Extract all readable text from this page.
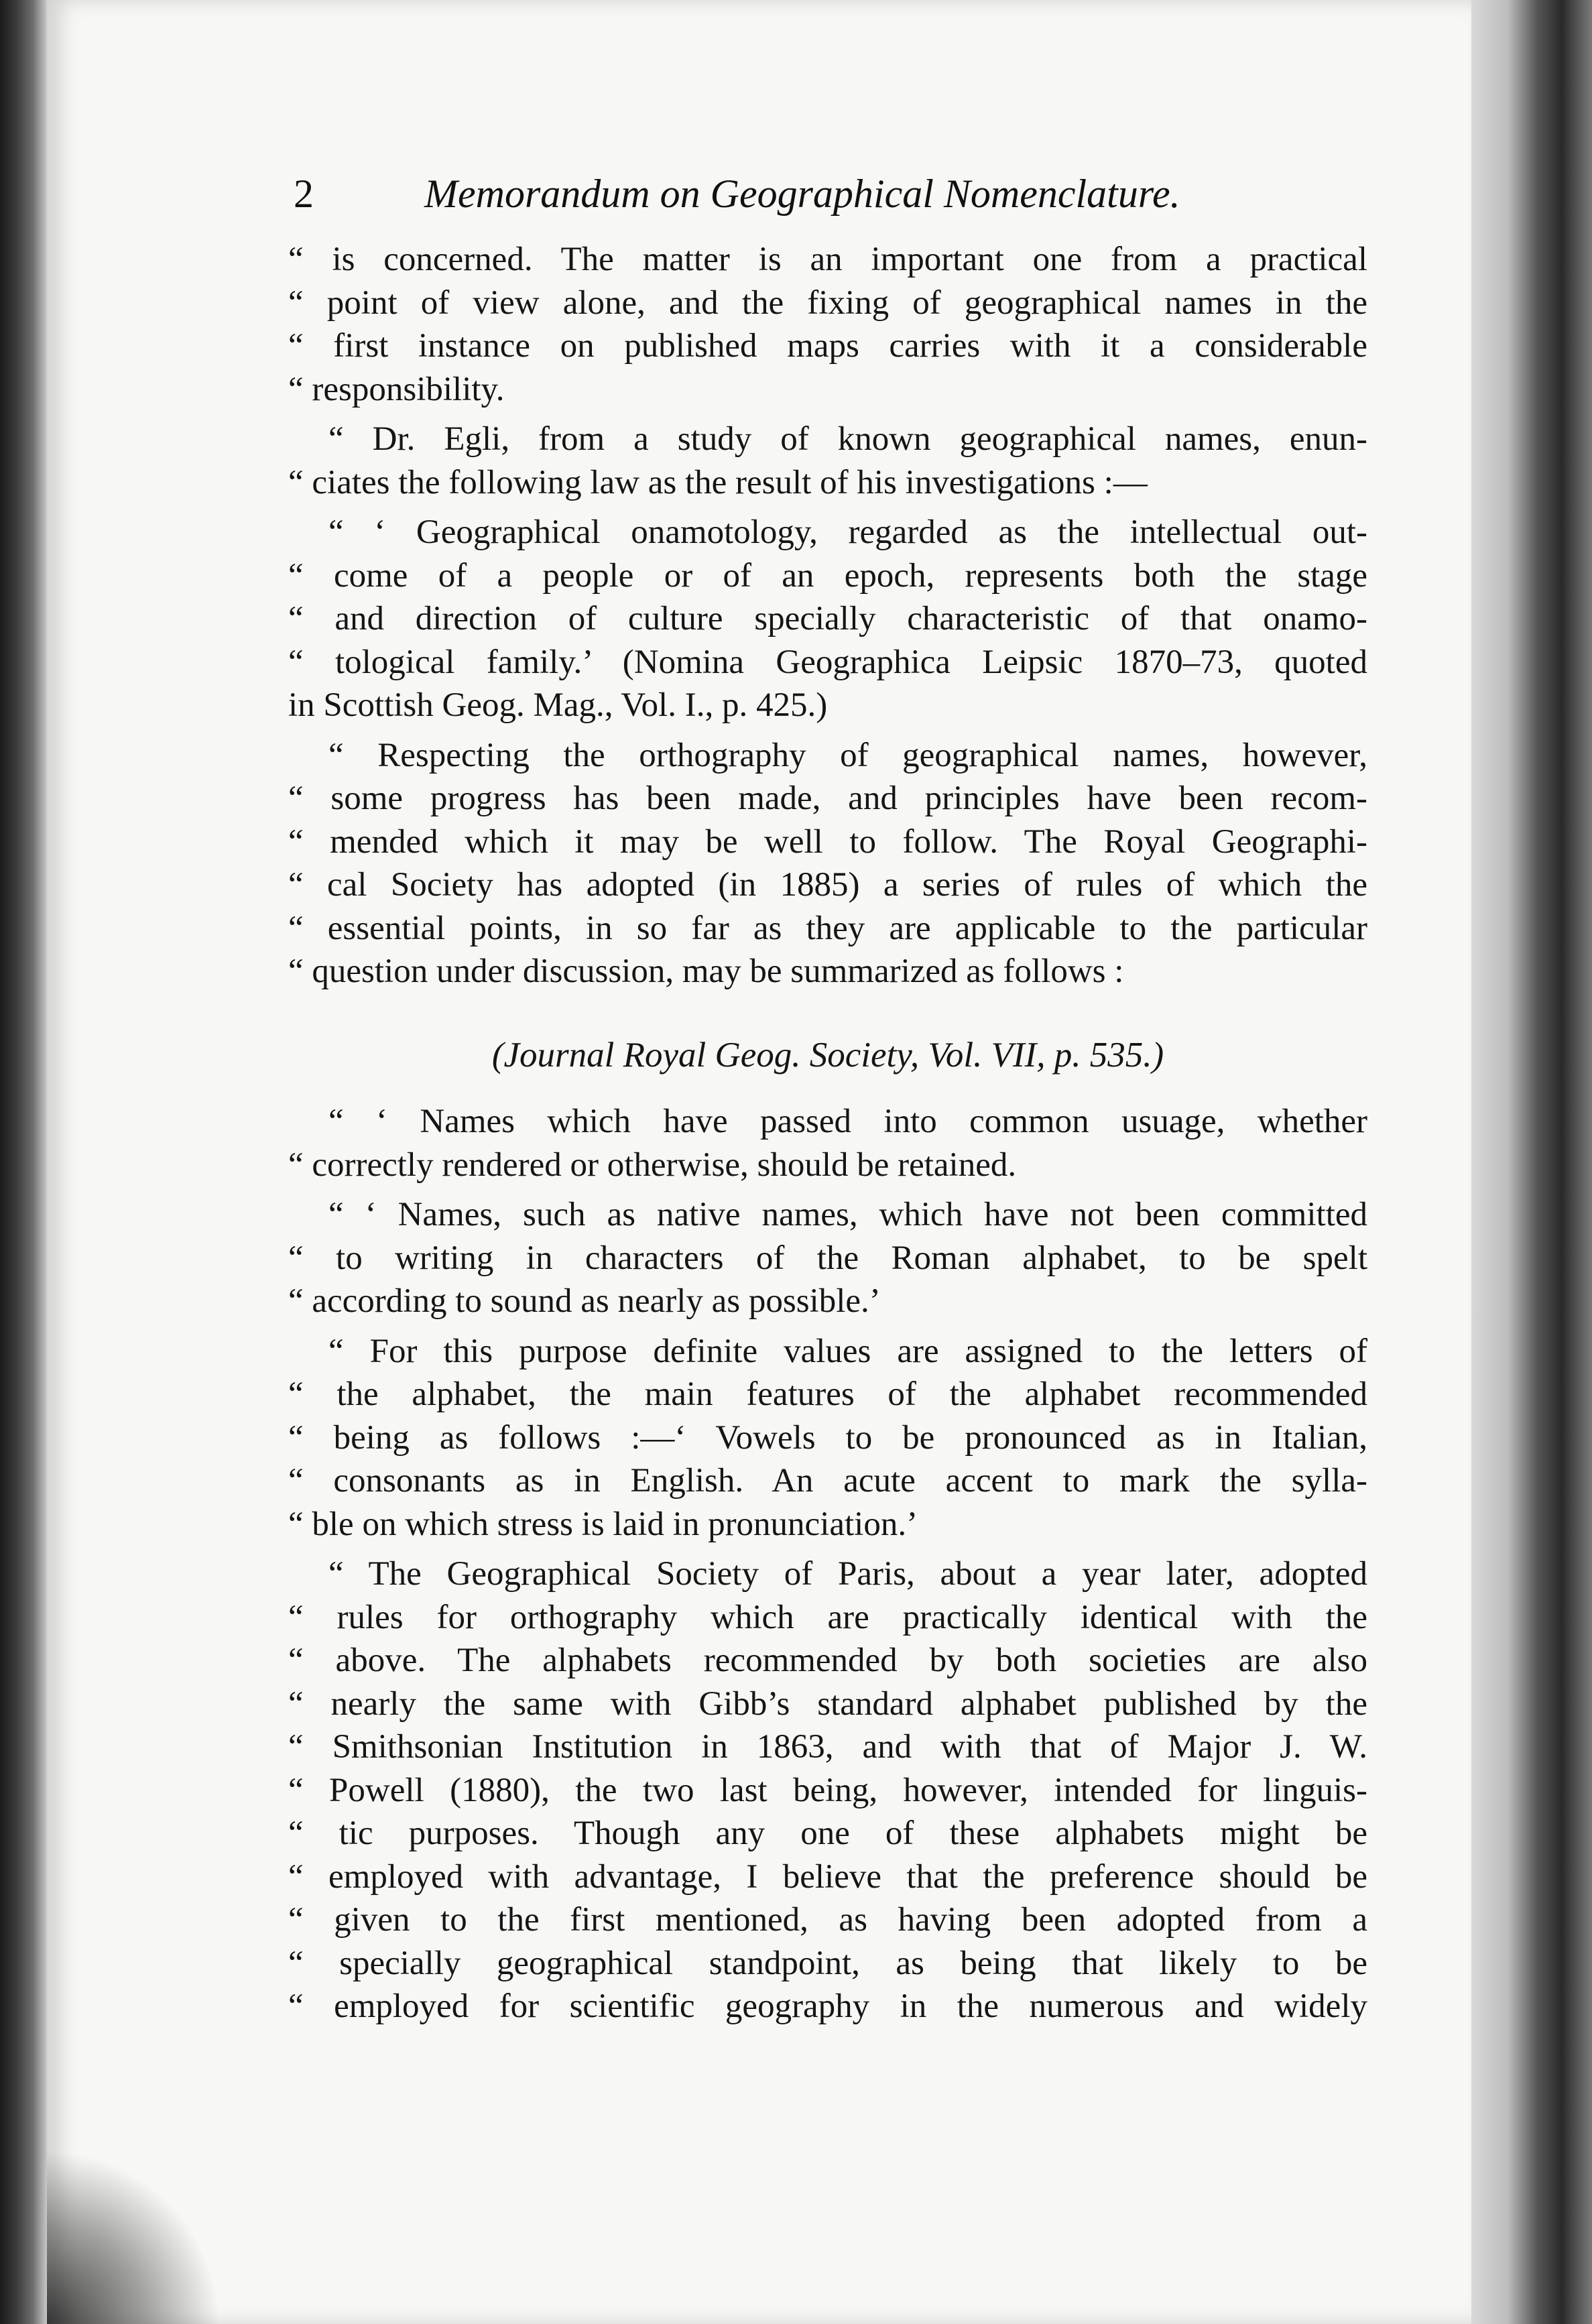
2	Memorandum on Geographical Nomenclature.
“ is concerned. The matter is an important one from a practical
“ point of view alone, and the fixing of geographical names in the
“ first instance on published maps carries with it a considerable
“ responsibility.
“ Dr. Egli, from a study of known geographical names, enun-
“ ciates the following law as the result of his investigations :—
“ ‘ Geographical onamotology, regarded as the intellectual out-
“ come of a people or of an epoch, represents both the stage
“ and direction of culture specially characteristic of that onamo-
“ tological family.’ (Nomina Geographica Leipsic 1870–73, quoted
in Scottish Geog. Mag., Vol. I., p. 425.)
“ Respecting the orthography of geographical names, however,
“ some progress has been made, and principles have been recom-
“ mended which it may be well to follow. The Royal Geographi-
“ cal Society has adopted (in 1885) a series of rules of which the
“ essential points, in so far as they are applicable to the particular
“ question under discussion, may be summarized as follows :
(Journal Royal Geog. Society, Vol. VII, p. 535.)
“ ‘ Names which have passed into common usuage, whether
“ correctly rendered or otherwise, should be retained.
“ ‘ Names, such as native names, which have not been committed
“ to writing in characters of the Roman alphabet, to be spelt
“ according to sound as nearly as possible.’
“ For this purpose definite values are assigned to the letters of
“ the alphabet, the main features of the alphabet recommended
“ being as follows :—‘ Vowels to be pronounced as in Italian,
“ consonants as in English. An acute accent to mark the sylla-
“ ble on which stress is laid in pronunciation.’
“ The Geographical Society of Paris, about a year later, adopted
“ rules for orthography which are practically identical with the
“ above. The alphabets recommended by both societies are also
“ nearly the same with Gibb’s standard alphabet published by the
“ Smithsonian Institution in 1863, and with that of Major J. W.
“ Powell (1880), the two last being, however, intended for linguis-
“ tic purposes. Though any one of these alphabets might be
“ employed with advantage, I believe that the preference should be
“ given to the first mentioned, as having been adopted from a
“ specially geographical standpoint, as being that likely to be
“ employed for scientific geography in the numerous and widely
